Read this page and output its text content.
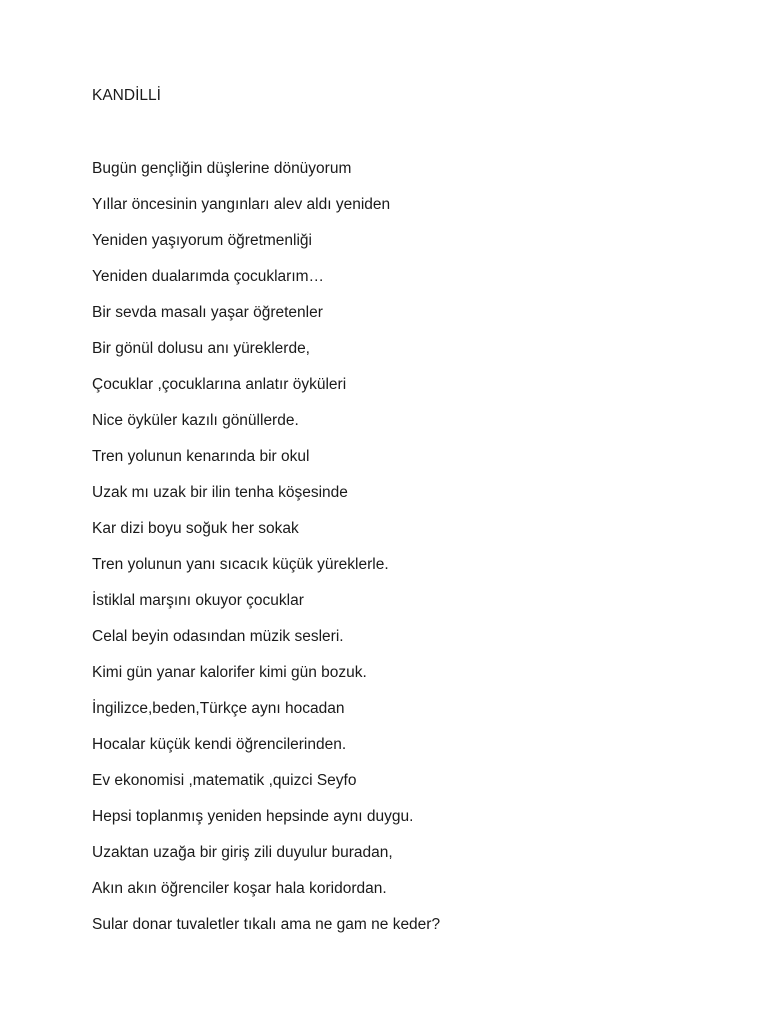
KANDİLLİ
Bugün gençliğin düşlerine dönüyorum
Yıllar öncesinin yangınları alev aldı yeniden
Yeniden yaşıyorum öğretmenliği
Yeniden dualarımda çocuklarım…
Bir sevda masalı yaşar öğretenler
Bir gönül dolusu anı yüreklerde,
Çocuklar ,çocuklarına anlatır öyküleri
Nice öyküler kazılı gönüllerde.
Tren yolunun kenarında bir okul
Uzak mı uzak bir ilin tenha köşesinde
Kar dizi boyu soğuk her sokak
Tren yolunun yanı sıcacık küçük yüreklerle.
İstiklal marşını okuyor çocuklar
Celal beyin odasından müzik sesleri.
Kimi gün yanar kalorifer kimi gün bozuk.
İngilizce,beden,Türkçe aynı hocadan
Hocalar küçük kendi öğrencilerinden.
Ev ekonomisi ,matematik ,quizci Seyfo
Hepsi toplanmış yeniden hepsinde aynı duygu.
Uzaktan uzağa bir giriş zili duyulur buradan,
Akın akın öğrenciler koşar hala koridordan.
Sular donar tuvaletler tıkalı ama ne gam ne keder?
